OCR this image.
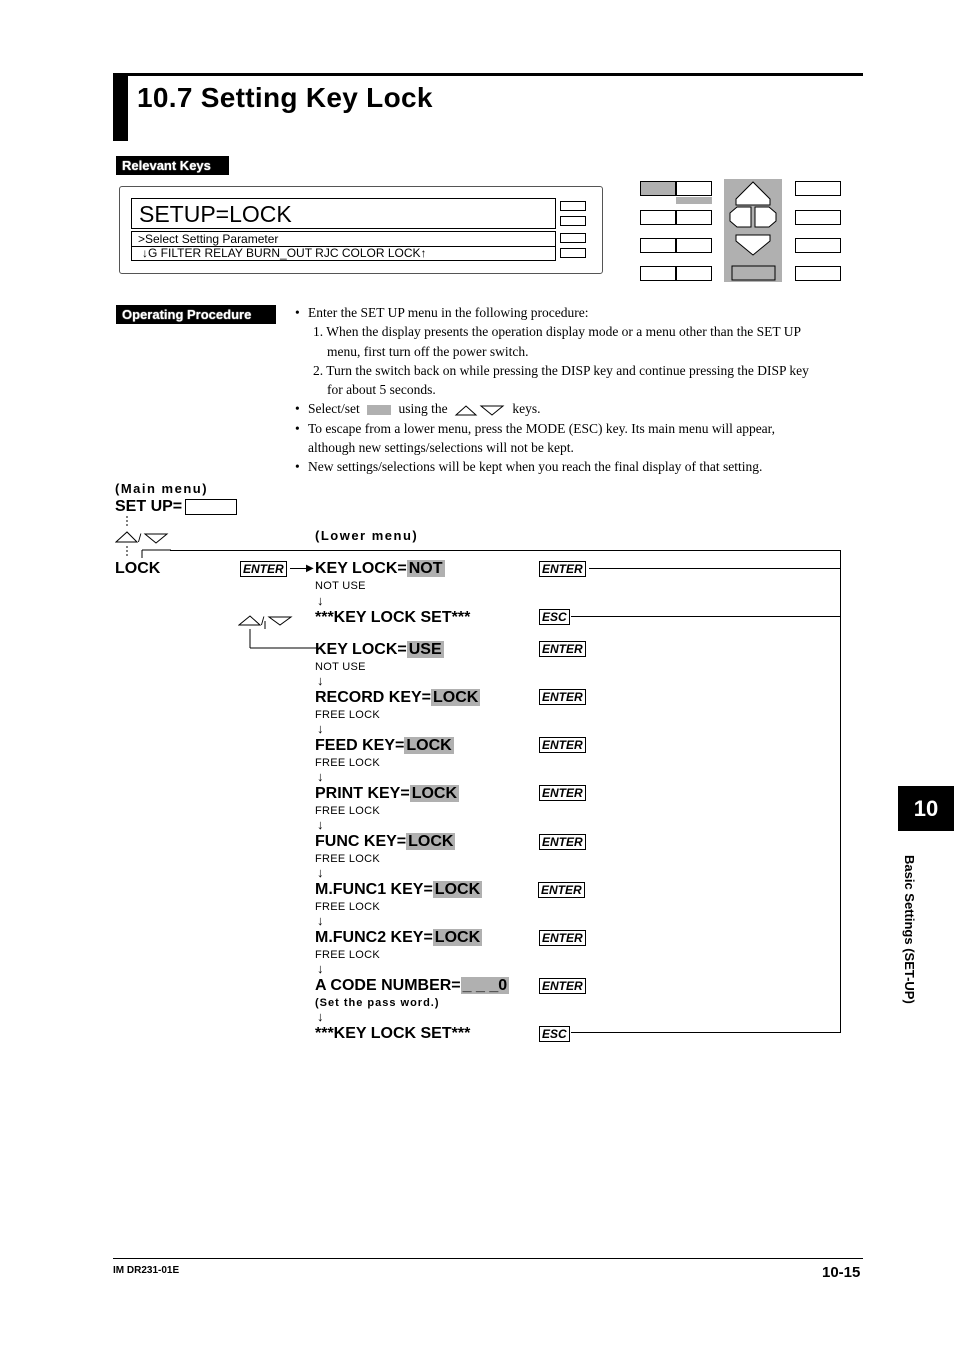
10.7 Setting Key Lock
Relevant Keys
SETUP=LOCK
>Select Setting Parameter
↓G FILTER RELAY BURN_OUT RJC COLOR LOCK↑
Operating Procedure	• Enter the SET UP menu in the following procedure:
1. When the display presents the operation display mode or a menu other than the SET UP
menu, first turn off the power switch.
2. Turn the switch back on while pressing the DISP key and continue pressing the DISP key
for about 5 seconds.
• Select/set	using the	keys.
• To escape from a lower menu, press the MODE (ESC) key. Its main menu will appear,
although new settings/selections will not be kept.
• New settings/selections will be kept when you reach the final display of that setting.
(Main menu)
SET UP=
(Lower menu)
/
LOCK	ENTER	▶ KEY LOCK= NOT
NOT USE
ENTER
↓
***KEY LOCK SET***	ESC
/
KEY LOCK= USE
NOT USE
ENTER
↓
RECORD KEY= LOCK
FREE LOCK
ENTER
↓
FEED KEY= LOCK
FREE LOCK
ENTER
↓
PRINT KEY= LOCK
FREE LOCK
ENTER
↓
FUNC KEY= LOCK
FREE LOCK
ENTER
↓
M.FUNC1 KEY= LOCK
FREE LOCK
ENTER
↓
M.FUNC2 KEY= LOCK
FREE LOCK
ENTER
↓
A CODE NUMBER= _ _ _0
(Set the pass word.)
ENTER
↓
***KEY LOCK SET***	ESC
10
Basic Settings (SET-UP)
IM DR231-01E	10-15
